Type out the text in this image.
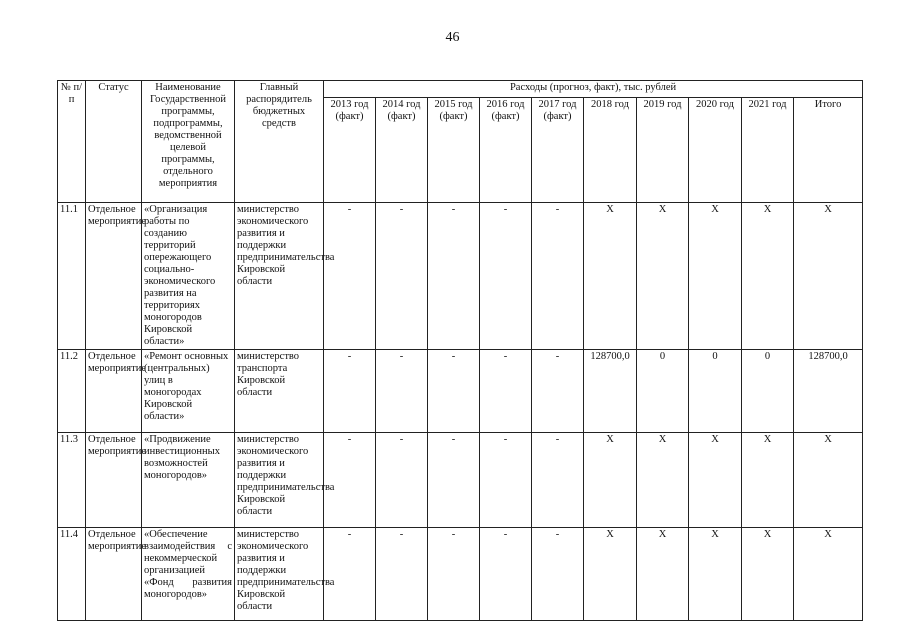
46
№ п/п	Статус	Наименование Государственной программы, подпрограммы, ведомственной целевой программы, отдельного мероприятия	Главный распорядитель бюджетных средств	Расходы (прогноз, факт), тыс. рублей									
				2013 год (факт)	2014 год (факт)	2015 год (факт)	2016 год (факт)	2017 год (факт)	2018 год	2019 год	2020 год	2021 год	Итого
11.1	Отдельное мероприятие	«Организация работы по созданию территорий опережающего социально-экономического развития на территориях моногородов Кировской области»	министерство экономического развития и поддержки предпринимательства Кировской области	-	-	-	-	-	X	X	X	X	X
11.2	Отдельное мероприятие	«Ремонт основных (центральных) улиц в моногородах Кировской области»	министерство транспорта Кировской области	-	-	-	-	-	128700,0	0	0	0	128700,0
11.3	Отдельное мероприятие	«Продвижение инвестиционных возможностей моногородов»	министерство экономического развития и поддержки предпринимательства Кировской области	-	-	-	-	-	X	X	X	X	X
11.4	Отдельное мероприятие	«Обеспечение взаимодействия с некоммерческой организацией «Фонд развития моногородов»	министерство экономического развития и поддержки предпринимательства Кировской области	-	-	-	-	-	X	X	X	X	X
